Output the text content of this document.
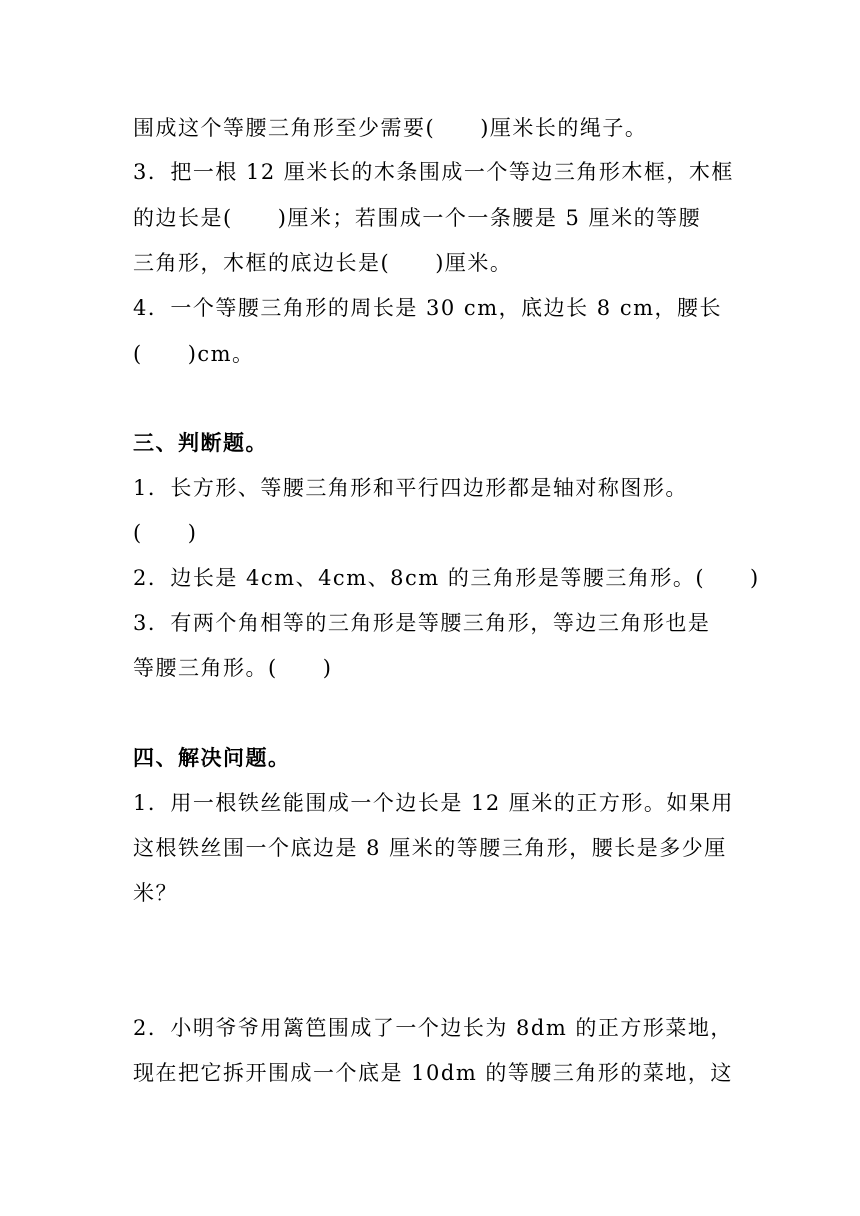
围成这个等腰三角形至少需要(　　)厘米长的绳子。
3．把一根 12 厘米长的木条围成一个等边三角形木框，木框
的边长是(　　)厘米；若围成一个一条腰是 5 厘米的等腰
三角形，木框的底边长是(　　)厘米。
4．一个等腰三角形的周长是 30 cm，底边长 8 cm，腰长
(　　)cm。
三、判断题。
1．长方形、等腰三角形和平行四边形都是轴对称图形。
(　　)
2．边长是 4cm、4cm、8cm 的三角形是等腰三角形。(　　)
3．有两个角相等的三角形是等腰三角形，等边三角形也是
等腰三角形。(　　)
四、解决问题。
1．用一根铁丝能围成一个边长是 12 厘米的正方形。如果用
这根铁丝围一个底边是 8 厘米的等腰三角形，腰长是多少厘
米？
2．小明爷爷用篱笆围成了一个边长为 8dm 的正方形菜地，
现在把它拆开围成一个底是 10dm 的等腰三角形的菜地，这
